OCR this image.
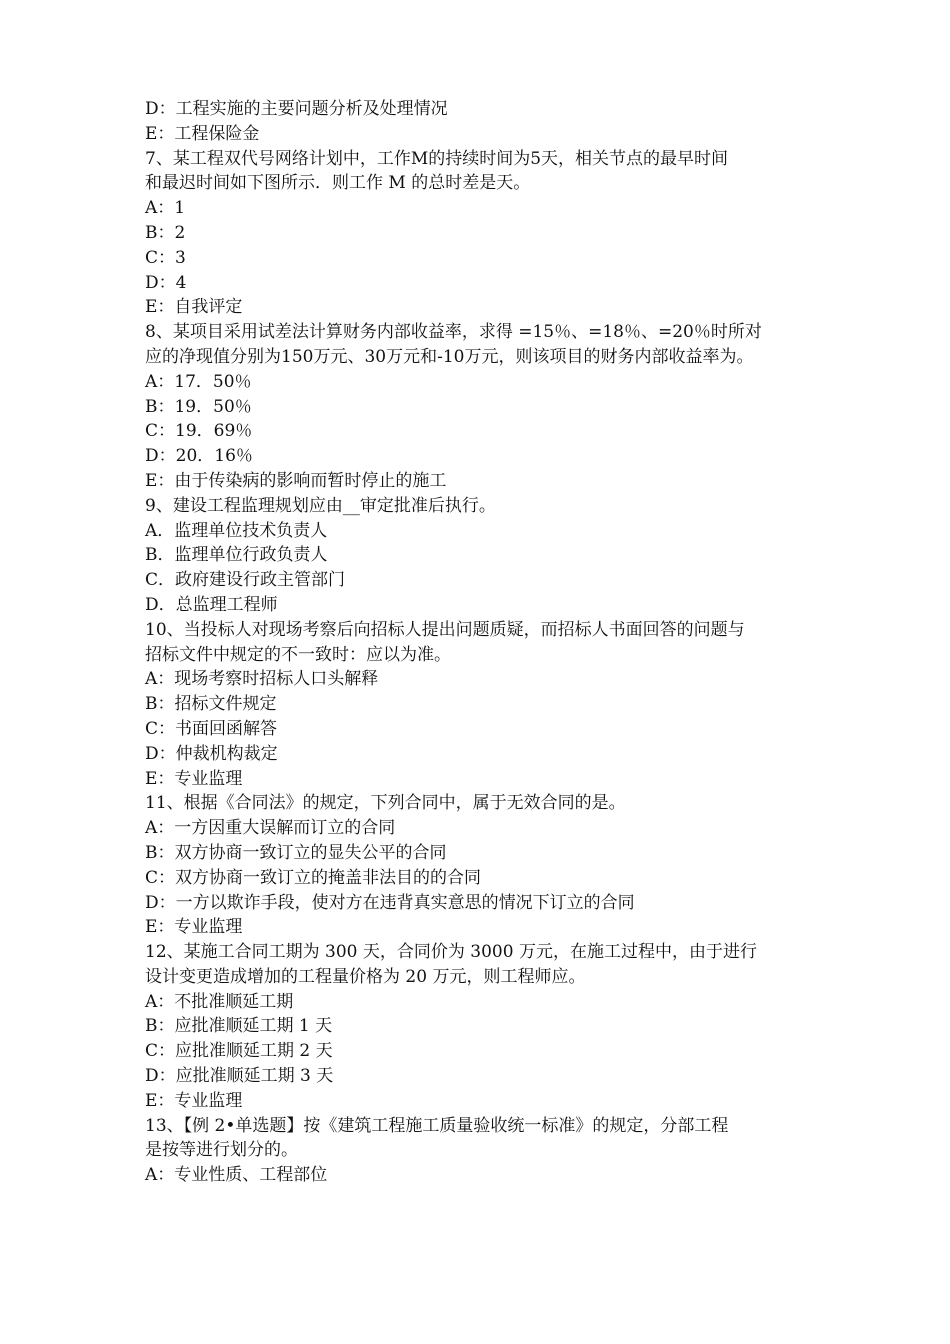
D：工程实施的主要问题分析及处理情况
E：工程保险金
7、某工程双代号网络计划中，工作M的持续时间为5天，相关节点的最早时间
和最迟时间如下图所示．则工作 M 的总时差是天。
A：1
B：2
C：3
D：4
E：自我评定
8、某项目采用试差法计算财务内部收益率，求得 =15％、=18％、=20％时所对
应的净现值分别为150万元、30万元和-10万元，则该项目的财务内部收益率为。
A：17．50％
B：19．50％
C：19．69％
D：20．16％
E：由于传染病的影响而暂时停止的施工
9、建设工程监理规划应由__审定批准后执行。
A．监理单位技术负责人
B．监理单位行政负责人
C．政府建设行政主管部门
D．总监理工程师
10、当投标人对现场考察后向招标人提出问题质疑，而招标人书面回答的问题与
招标文件中规定的不一致时：应以为准。
A：现场考察时招标人口头解释
B：招标文件规定
C：书面回函解答
D：仲裁机构裁定
E：专业监理
11、根据《合同法》的规定，下列合同中，属于无效合同的是。
A：一方因重大误解而订立的合同
B：双方协商一致订立的显失公平的合同
C：双方协商一致订立的掩盖非法目的的合同
D：一方以欺诈手段，使对方在违背真实意思的情况下订立的合同
E：专业监理
12、某施工合同工期为 300 天，合同价为 3000 万元，在施工过程中，由于进行
设计变更造成增加的工程量价格为 20 万元，则工程师应。
A：不批准顺延工期
B：应批准顺延工期 1 天
C：应批准顺延工期 2 天
D：应批准顺延工期 3 天
E：专业监理
13、【例 2•单选题】按《建筑工程施工质量验收统一标准》的规定，分部工程
是按等进行划分的。
A：专业性质、工程部位
